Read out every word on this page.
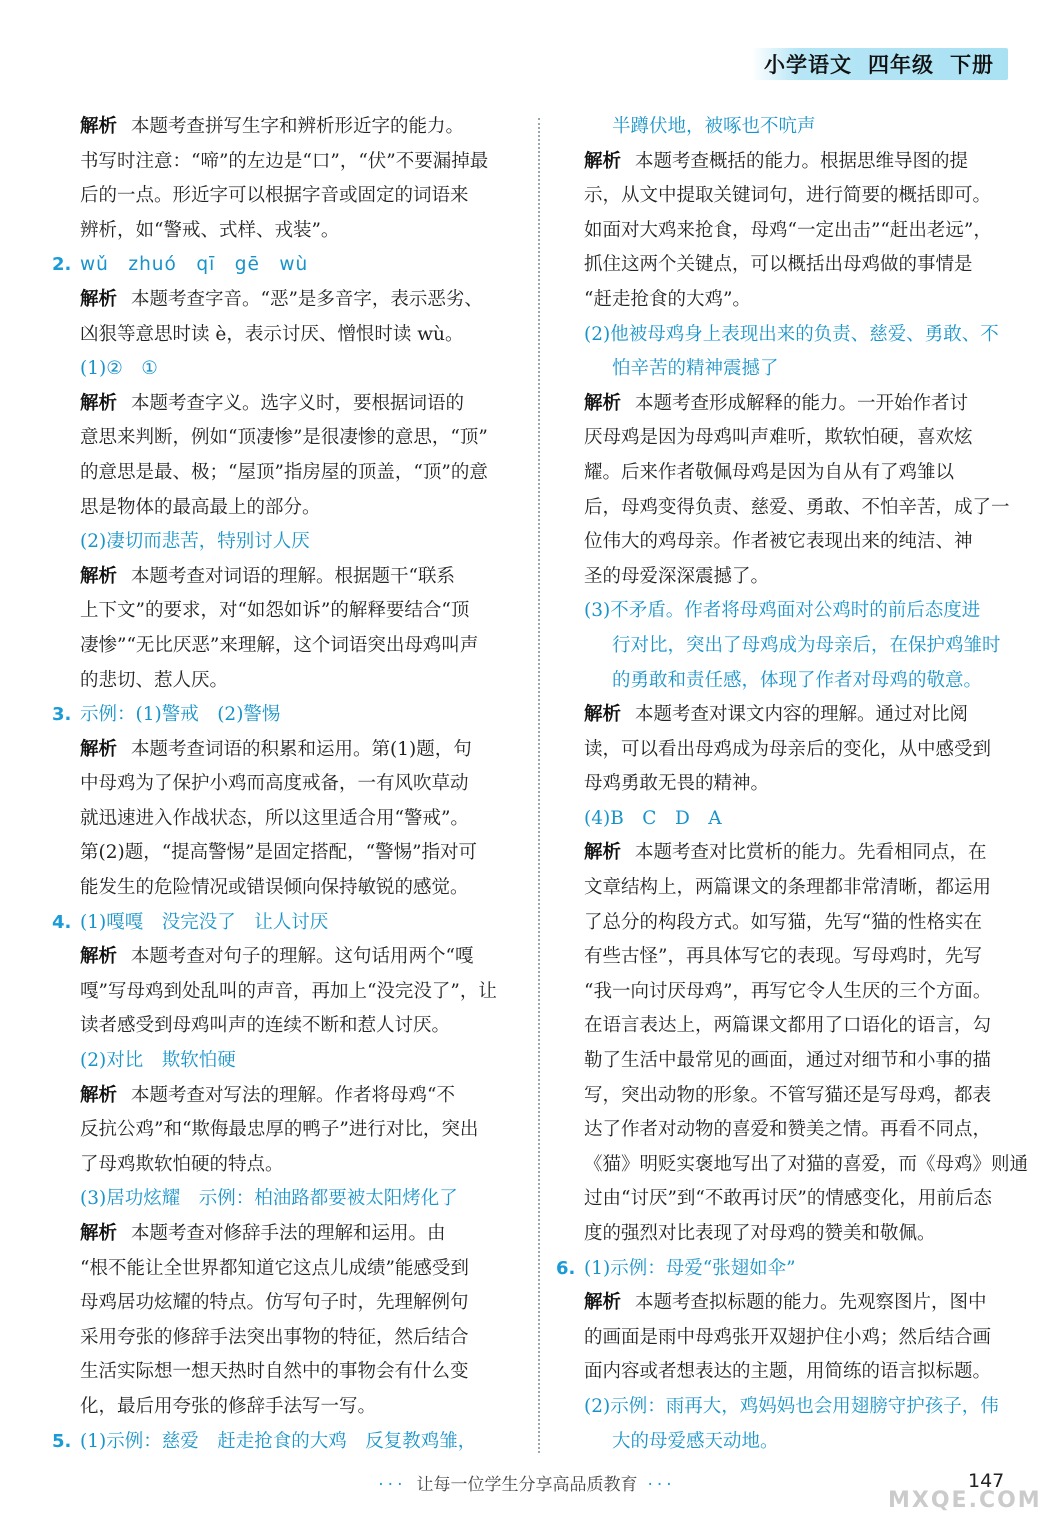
小学语文 四年级 下册
解析 本题考查拼写生字和辨析形近字的能力。
书写时注意：“啼”的左边是“口”，“伏”不要漏掉最
后的一点。形近字可以根据字音或固定的词语来
辨析，如“警戒、式样、戎装”。
2. wǔ　zhuó　qī　gē　wù
解析 本题考查字音。“恶”是多音字，表示恶劣、
凶狠等意思时读 è，表示讨厌、憎恨时读 wù。
(1)②　①
解析 本题考查字义。选字义时，要根据词语的
意思来判断，例如“顶凄惨”是很凄惨的意思，“顶”
的意思是最、极；“屋顶”指房屋的顶盖，“顶”的意
思是物体的最高最上的部分。
(2)凄切而悲苦，特别讨人厌
解析 本题考查对词语的理解。根据题干“联系
上下文”的要求，对“如怨如诉”的解释要结合“顶
凄惨”“无比厌恶”来理解，这个词语突出母鸡叫声
的悲切、惹人厌。
3. 示例：(1)警戒　(2)警惕
解析 本题考查词语的积累和运用。第(1)题，句
中母鸡为了保护小鸡而高度戒备，一有风吹草动
就迅速进入作战状态，所以这里适合用“警戒”。
第(2)题，“提高警惕”是固定搭配，“警惕”指对可
能发生的危险情况或错误倾向保持敏锐的感觉。
4. (1)嘎嘎　没完没了　让人讨厌
解析 本题考查对句子的理解。这句话用两个“嘎
嘎”写母鸡到处乱叫的声音，再加上“没完没了”，让
读者感受到母鸡叫声的连续不断和惹人讨厌。
(2)对比　欺软怕硬
解析 本题考查对写法的理解。作者将母鸡“不
反抗公鸡”和“欺侮最忠厚的鸭子”进行对比，突出
了母鸡欺软怕硬的特点。
(3)居功炫耀　示例：柏油路都要被太阳烤化了
解析 本题考查对修辞手法的理解和运用。由
“根不能让全世界都知道它这点儿成绩”能感受到
母鸡居功炫耀的特点。仿写句子时，先理解例句
采用夸张的修辞手法突出事物的特征，然后结合
生活实际想一想天热时自然中的事物会有什么变
化，最后用夸张的修辞手法写一写。
5. (1)示例：慈爱　赶走抢食的大鸡　反复教鸡雏，
半蹲伏地，被啄也不吭声
解析 本题考查概括的能力。根据思维导图的提
示，从文中提取关键词句，进行简要的概括即可。
如面对大鸡来抢食，母鸡“一定出击”“赶出老远”，
抓住这两个关键点，可以概括出母鸡做的事情是
“赶走抢食的大鸡”。
(2)他被母鸡身上表现出来的负责、慈爱、勇敢、不
怕辛苦的精神震撼了
解析 本题考查形成解释的能力。一开始作者讨
厌母鸡是因为母鸡叫声难听，欺软怕硬，喜欢炫
耀。后来作者敬佩母鸡是因为自从有了鸡雏以
后，母鸡变得负责、慈爱、勇敢、不怕辛苦，成了一
位伟大的鸡母亲。作者被它表现出来的纯洁、神
圣的母爱深深震撼了。
(3)不矛盾。作者将母鸡面对公鸡时的前后态度进
行对比，突出了母鸡成为母亲后，在保护鸡雏时
的勇敢和责任感，体现了作者对母鸡的敬意。
解析 本题考查对课文内容的理解。通过对比阅
读，可以看出母鸡成为母亲后的变化，从中感受到
母鸡勇敢无畏的精神。
(4)B　C　D　A
解析 本题考查对比赏析的能力。先看相同点，在
文章结构上，两篇课文的条理都非常清晰，都运用
了总分的构段方式。如写猫，先写“猫的性格实在
有些古怪”，再具体写它的表现。写母鸡时，先写
“我一向讨厌母鸡”，再写它令人生厌的三个方面。
在语言表达上，两篇课文都用了口语化的语言，勾
勒了生活中最常见的画面，通过对细节和小事的描
写，突出动物的形象。不管写猫还是写母鸡，都表
达了作者对动物的喜爱和赞美之情。再看不同点，
《猫》明贬实褒地写出了对猫的喜爱，而《母鸡》则通
过由“讨厌”到“不敢再讨厌”的情感变化，用前后态
度的强烈对比表现了对母鸡的赞美和敬佩。
6. (1)示例：母爱“张翅如伞”
解析 本题考查拟标题的能力。先观察图片，图中
的画面是雨中母鸡张开双翅护住小鸡；然后结合画
面内容或者想表达的主题，用简练的语言拟标题。
(2)示例：雨再大，鸡妈妈也会用翅膀守护孩子，伟
大的母爱感天动地。
··· 让每一位学生分享高品质教育 ···	147
MXQE.COM
